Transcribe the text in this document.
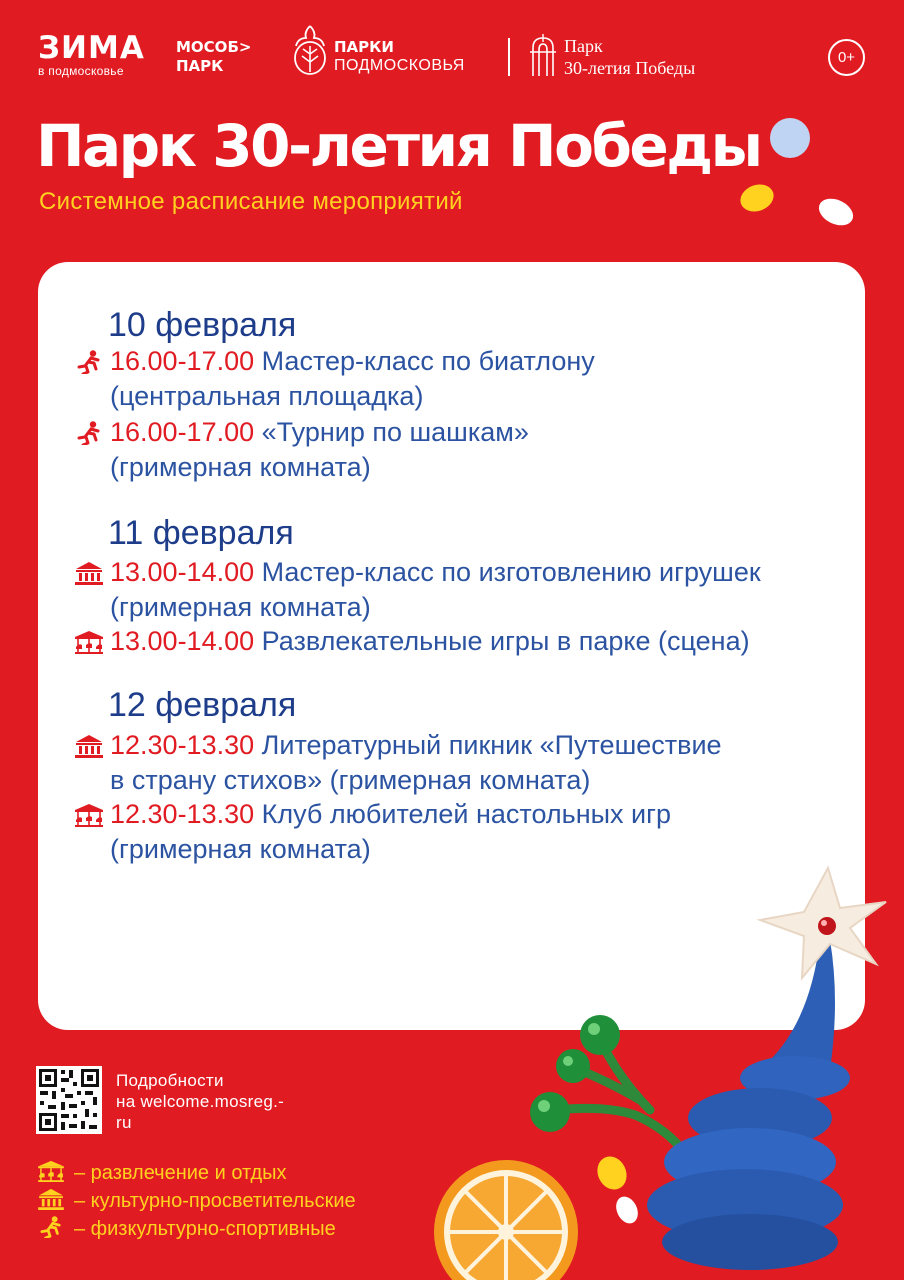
ЗИМА
в подмосковье
МОСОБ>
ПАРК
ПАРКИ
ПОДМОСКОВЬЯ
Парк
30-летия Победы
0+
Парк 30-летия Победы
Системное расписание мероприятий
10 февраля
16.00-17.00 Мастер-класс по биатлону
(центральная площадка)
16.00-17.00 «Турнир по шашкам»
(гримерная комната)
11 февраля
13.00-14.00 Мастер-класс по изготовлению игрушек
(гримерная комната)
13.00-14.00 Развлекательные игры в парке (сцена)
12 февраля
12.30-13.30 Литературный пикник «Путешествие
в страну стихов» (гримерная комната)
12.30-13.30 Клуб любителей настольных игр
(гримерная комната)
Подробности
на welcome.mosreg.-
ru
– развлечение и отдых
– культурно-просветительские
– физкультурно-спортивные
